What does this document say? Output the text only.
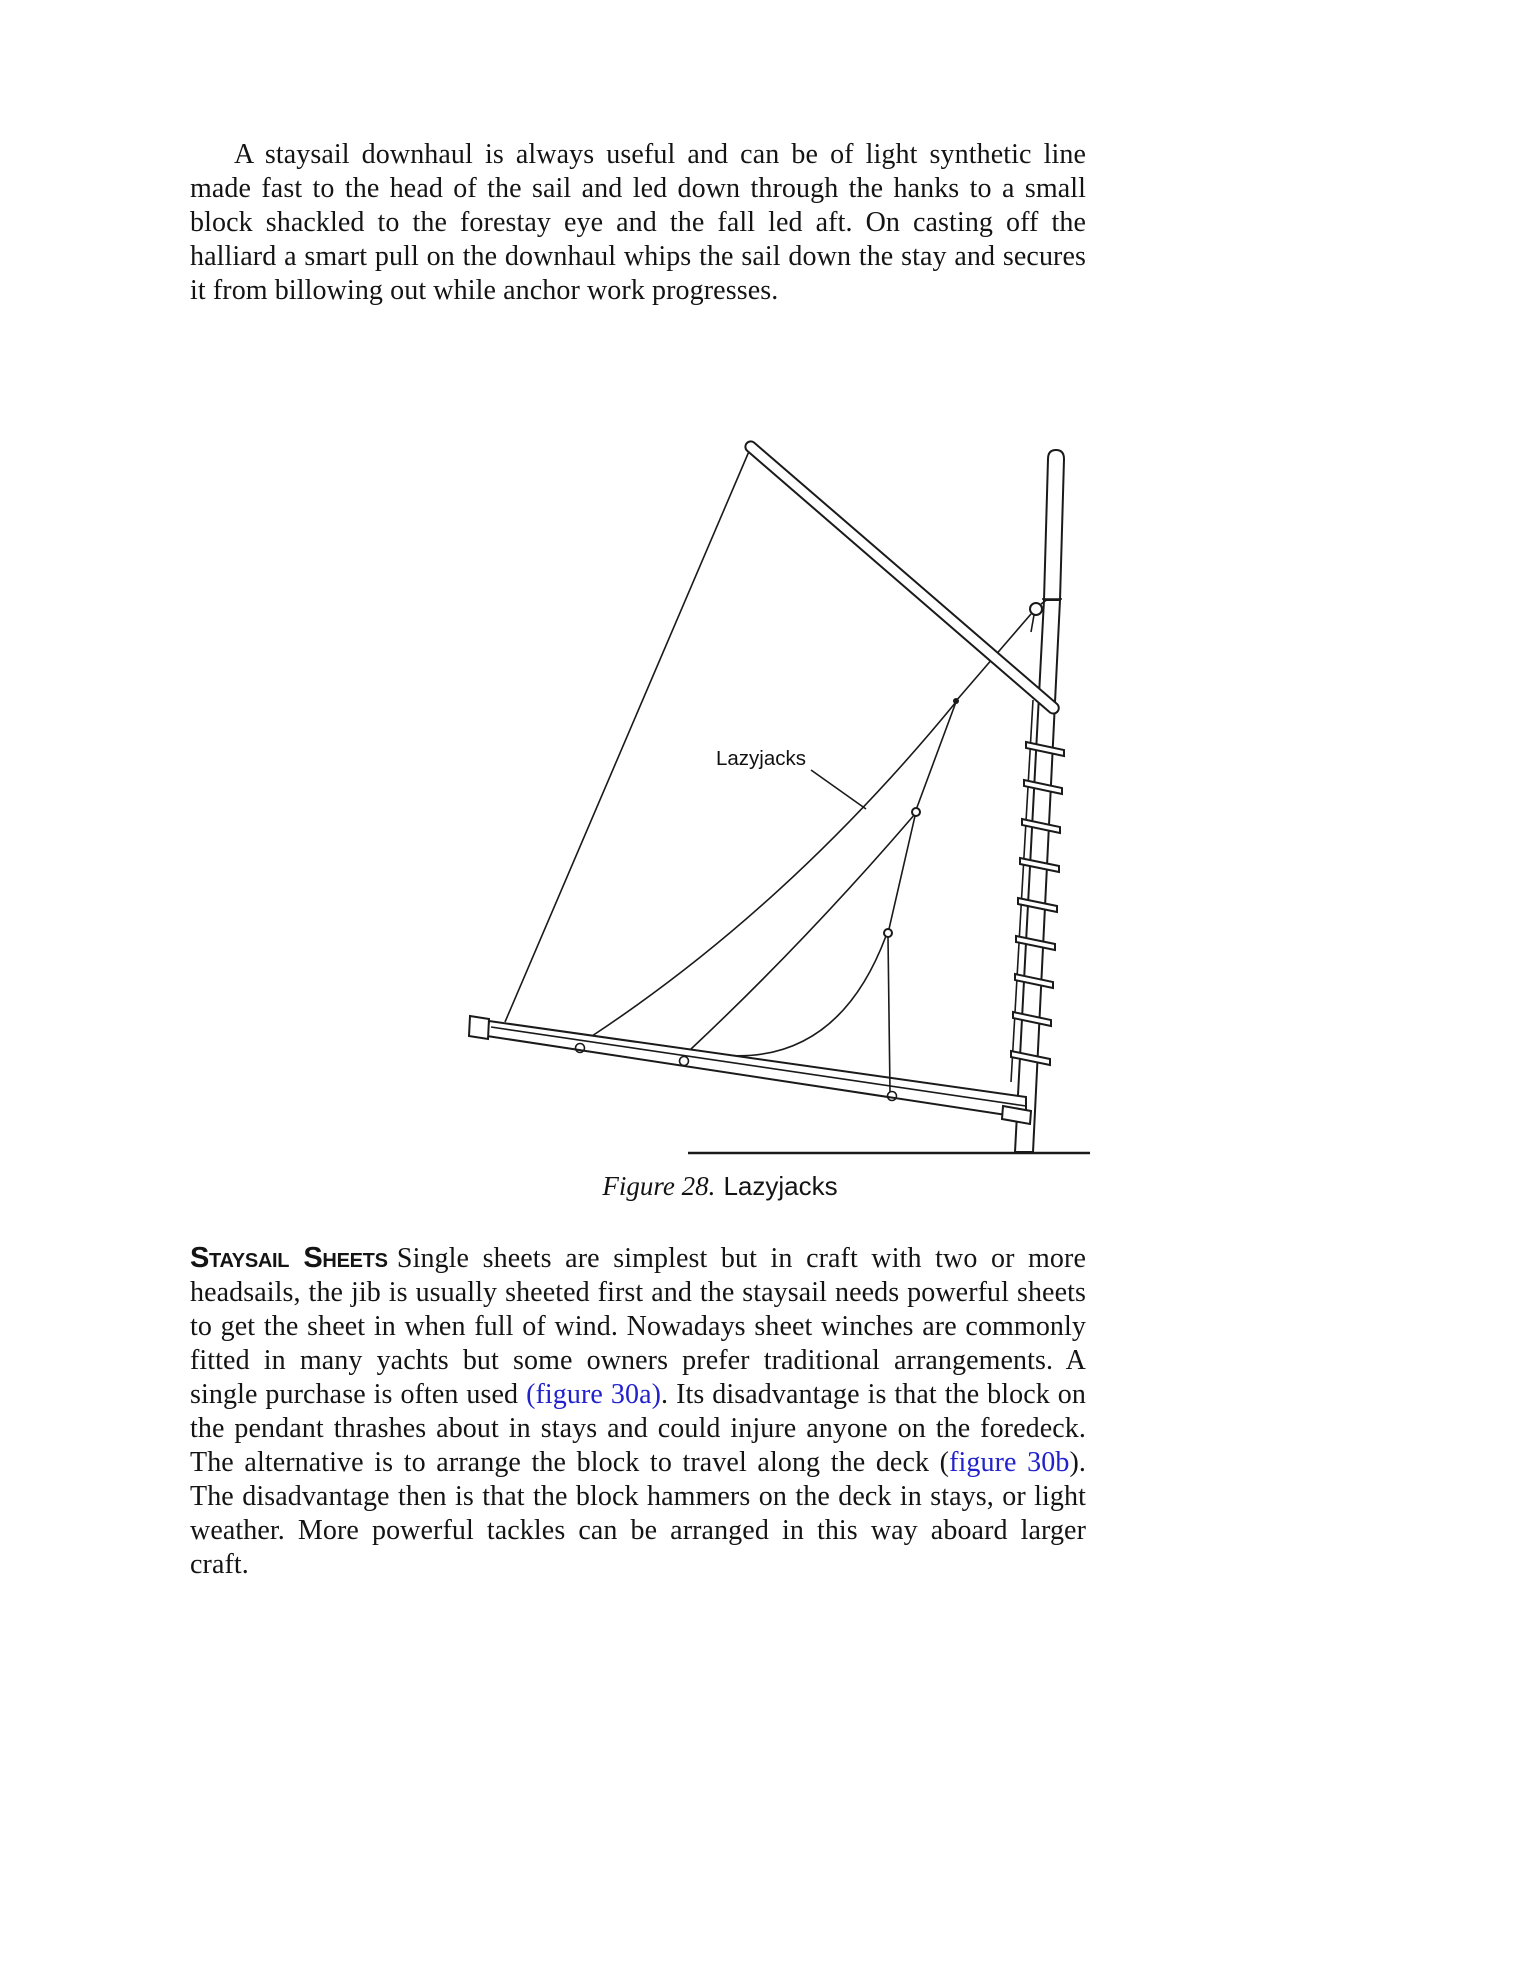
A staysail downhaul is always useful and can be of light synthetic line made fast to the head of the sail and led down through the hanks to a small block shackled to the forestay eye and the fall led aft. On casting off the halliard a smart pull on the downhaul whips the sail down the stay and secures it from billowing out while anchor work progresses.

Lazyjacks
Figure 28. Lazyjacks

Staysail Sheets Single sheets are simplest but in craft with two or more headsails, the jib is usually sheeted first and the staysail needs powerful sheets to get the sheet in when full of wind. Nowadays sheet winches are commonly fitted in many yachts but some owners prefer traditional arrangements. A single purchase is often used (figure 30a). Its disadvantage is that the block on the pendant thrashes about in stays and could injure anyone on the foredeck. The alternative is to arrange the block to travel along the deck (figure 30b). The disadvantage then is that the block hammers on the deck in stays, or light weather. More powerful tackles can be arranged in this way aboard larger craft.
